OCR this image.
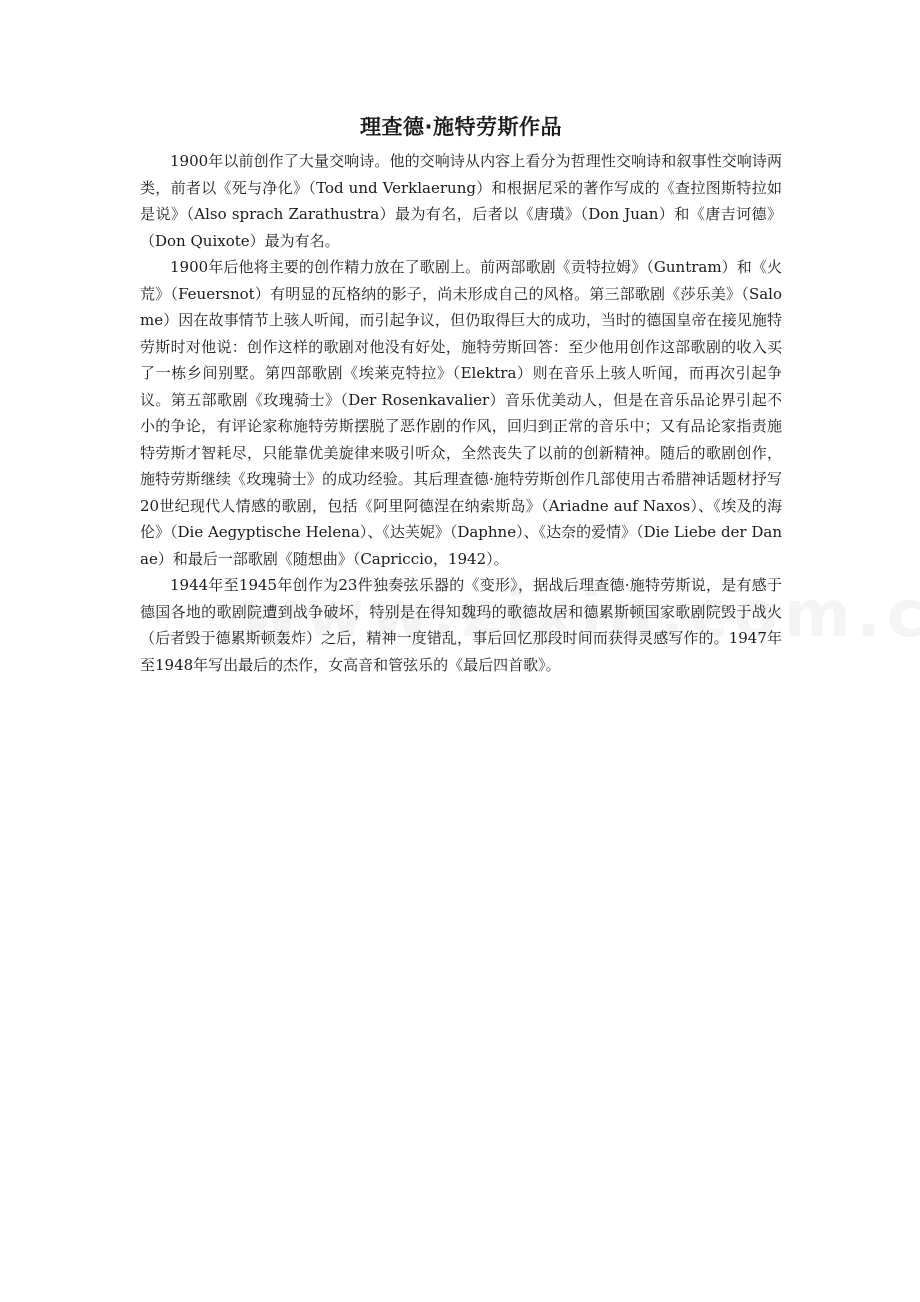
理查德·施特劳斯作品

1900年以前创作了大量交响诗。他的交响诗从内容上看分为哲理性交响诗和叙事性交响诗两类，前者以《死与净化》（Tod und Verklaerung）和根据尼采的著作写成的《查拉图斯特拉如是说》（Also sprach Zarathustra）最为有名，后者以《唐璜》（Don Juan）和《唐吉诃德》（Don Quixote）最为有名。

1900年后他将主要的创作精力放在了歌剧上。前两部歌剧《贡特拉姆》（Guntram）和《火荒》（Feuersnot）有明显的瓦格纳的影子，尚未形成自己的风格。第三部歌剧《莎乐美》（Salome）因在故事情节上骇人听闻，而引起争议，但仍取得巨大的成功，当时的德国皇帝在接见施特劳斯时对他说：创作这样的歌剧对他没有好处，施特劳斯回答：至少他用创作这部歌剧的收入买了一栋乡间别墅。第四部歌剧《埃莱克特拉》（Elektra）则在音乐上骇人听闻，而再次引起争议。第五部歌剧《玫瑰骑士》（Der Rosenkavalier）音乐优美动人，但是在音乐品论界引起不小的争论，有评论家称施特劳斯摆脱了恶作剧的作风，回归到正常的音乐中；又有品论家指责施特劳斯才智耗尽，只能靠优美旋律来吸引听众，全然丧失了以前的创新精神。随后的歌剧创作，施特劳斯继续《玫瑰骑士》的成功经验。其后理查德·施特劳斯创作几部使用古希腊神话题材抒写20世纪现代人情感的歌剧，包括《阿里阿德涅在纳索斯岛》（Ariadne auf Naxos）、《埃及的海伦》（Die Aegyptische Helena）、《达芙妮》（Daphne）、《达奈的爱情》（Die Liebe der Danae）和最后一部歌剧《随想曲》（Capriccio，1942）。

1944年至1945年创作为23件独奏弦乐器的《变形》，据战后理查德·施特劳斯说，是有感于德国各地的歌剧院遭到战争破坏，特别是在得知魏玛的歌德故居和德累斯顿国家歌剧院毁于战火（后者毁于德累斯顿轰炸）之后，精神一度错乱，事后回忆那段时间而获得灵感写作的。1947年至1948年写出最后的杰作，女高音和管弦乐的《最后四首歌》。
